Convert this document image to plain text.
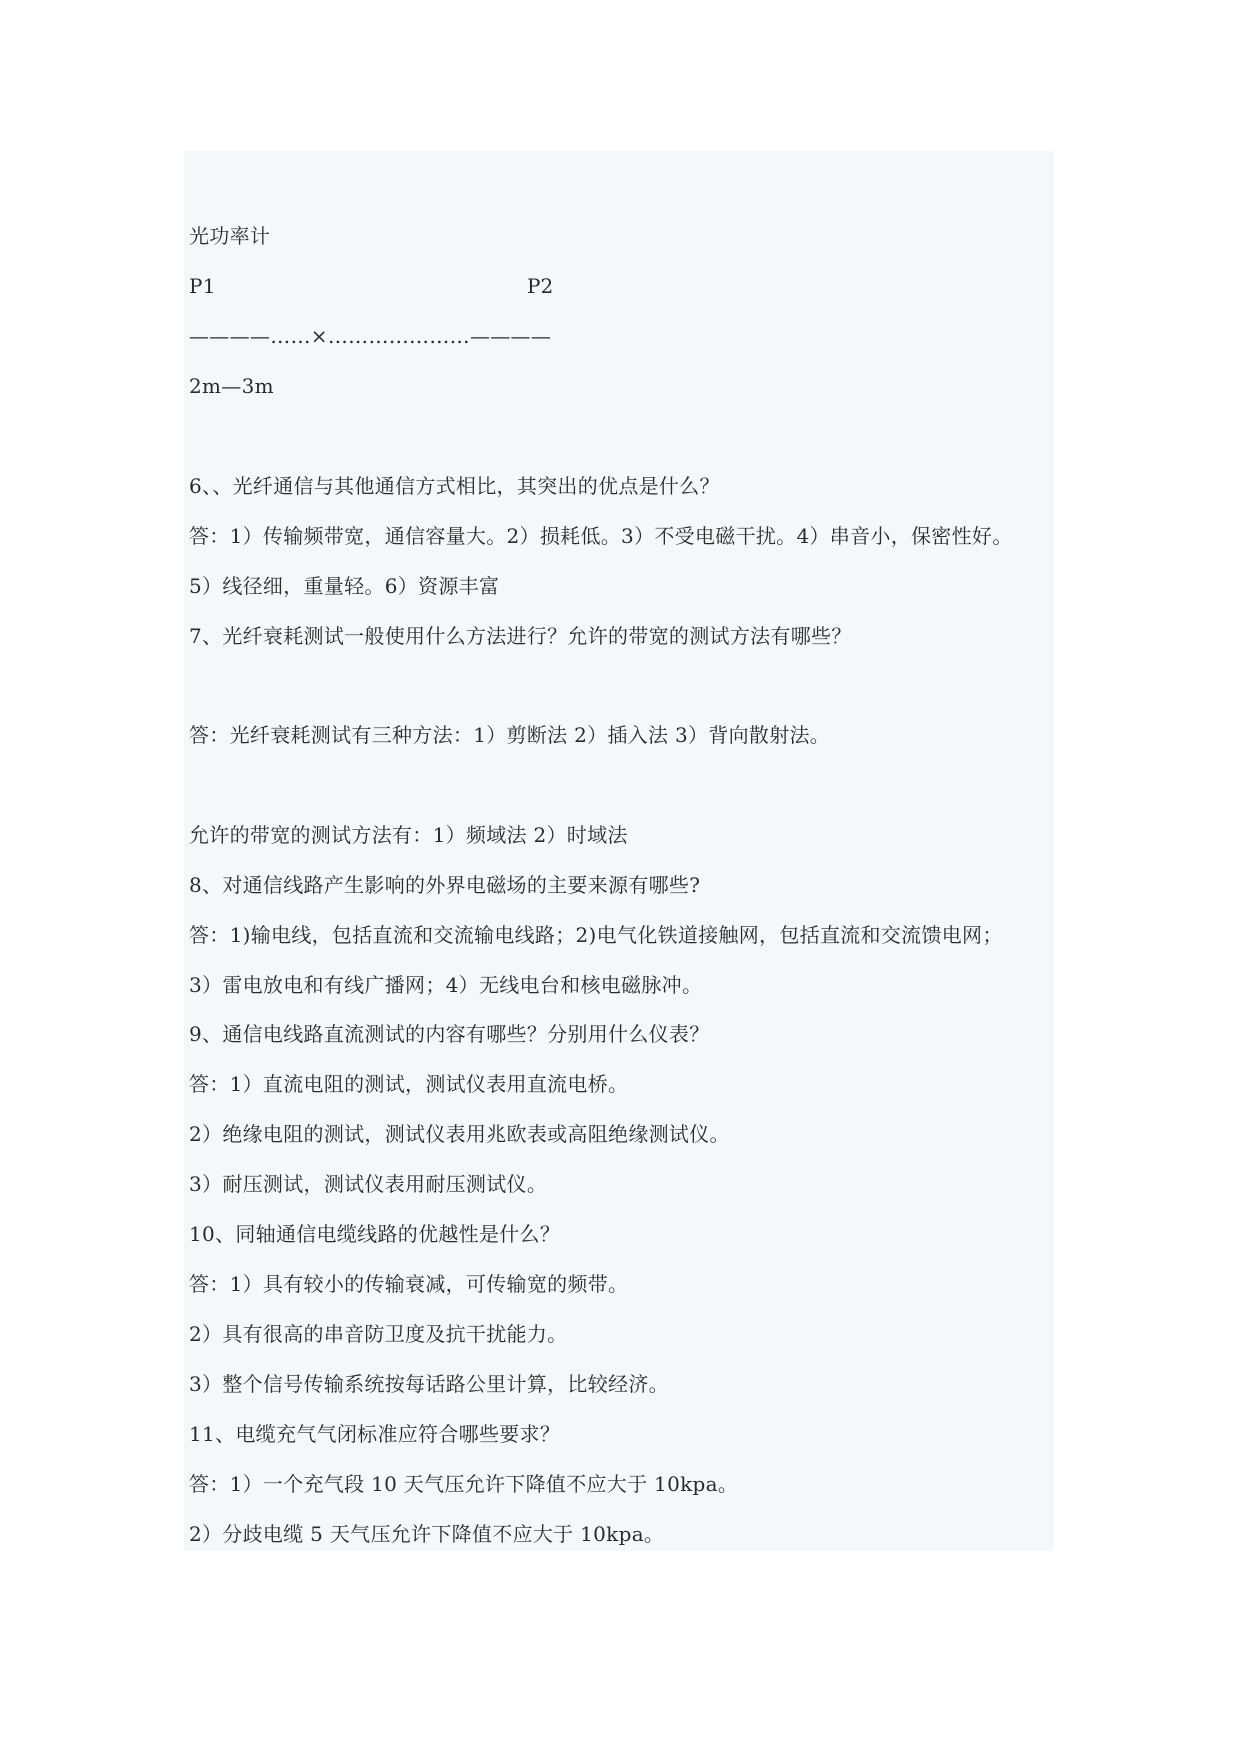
光功率计
P1	P2
————……×…………………————
2m—3m
6、、光纤通信与其他通信方式相比，其突出的优点是什么？
答：1）传输频带宽，通信容量大。2）损耗低。3）不受电磁干扰。4）串音小，保密性好。
5）线径细，重量轻。6）资源丰富
7、光纤衰耗测试一般使用什么方法进行？允许的带宽的测试方法有哪些？
答：光纤衰耗测试有三种方法：1）剪断法 2）插入法 3）背向散射法。
允许的带宽的测试方法有：1）频域法 2）时域法
8、对通信线路产生影响的外界电磁场的主要来源有哪些?
答：1)输电线，包括直流和交流输电线路；2)电气化铁道接触网，包括直流和交流馈电网；
3）雷电放电和有线广播网；4）无线电台和核电磁脉冲。
9、通信电线路直流测试的内容有哪些？分别用什么仪表？
答：1）直流电阻的测试，测试仪表用直流电桥。
2）绝缘电阻的测试，测试仪表用兆欧表或高阻绝缘测试仪。
3）耐压测试，测试仪表用耐压测试仪。
10、同轴通信电缆线路的优越性是什么？
答：1）具有较小的传输衰减，可传输宽的频带。
2）具有很高的串音防卫度及抗干扰能力。
3）整个信号传输系统按每话路公里计算，比较经济。
11、电缆充气气闭标准应符合哪些要求？
答：1）一个充气段 10 天气压允许下降值不应大于 10kpa。
2）分歧电缆 5 天气压允许下降值不应大于 10kpa。
